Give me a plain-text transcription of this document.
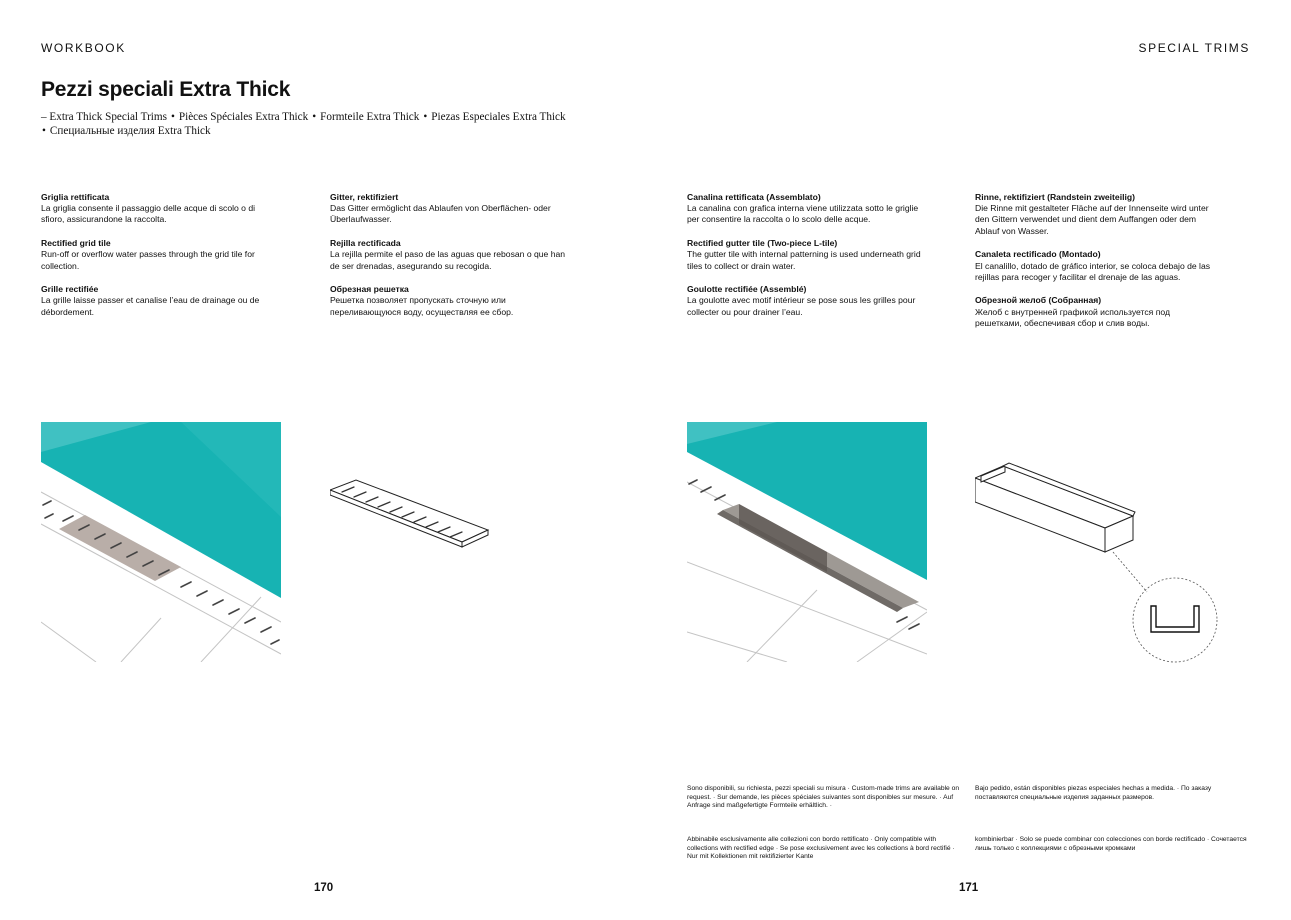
WORKBOOK	SPECIAL TRIMS
Pezzi speciali Extra Thick
– Extra Thick Special Trims • Pièces Spéciales Extra Thick • Formteile Extra Thick • Piezas Especiales Extra Thick
• Специальные изделия Extra Thick
Griglia rettificata
La griglia consente il passaggio delle acque di scolo o di sfioro, assicurandone la raccolta.
Rectified grid tile
Run-off or overflow water passes through the grid tile for collection.
Grille rectifiée
La grille laisse passer et canalise l’eau de drainage ou de débordement.
Gitter, rektifiziert
Das Gitter ermöglicht das Ablaufen von Oberflächen- oder Überlaufwasser.
Rejilla rectificada
La rejilla permite el paso de las aguas que rebosan o que han de ser drenadas, asegurando su recogida.
Обрезная решетка
Решетка позволяет пропускать сточную или переливающуюся воду, осуществляя ее сбор.
Canalina rettificata (Assemblato)
La canalina con grafica interna viene utilizzata sotto le griglie per consentire la raccolta o lo scolo delle acque.
Rectified gutter tile (Two-piece L-tile)
The gutter tile with internal patterning is used underneath grid tiles to collect or drain water.
Goulotte rectifiée (Assemblé)
La goulotte avec motif intérieur se pose sous les grilles pour collecter ou pour drainer l’eau.
Rinne, rektifiziert (Randstein zweiteilig)
Die Rinne mit gestalteter Fläche auf der Innenseite wird unter den Gittern verwendet und dient dem Auffangen oder dem Ablauf von Wasser.
Canaleta rectificado (Montado)
El canalillo, dotado de gráfico interior, se coloca debajo de las rejillas para recoger y facilitar el drenaje de las aguas.
Обрезной желоб (Собранная)
Желоб с внутренней графикой используется под решетками, обеспечивая сбор и слив воды.
Sono disponibili, su richiesta, pezzi speciali su misura · Custom-made trims are available on request. · Sur demande, les pièces spéciales suivantes sont disponibles sur mesure. · Auf Anfrage sind maßgefertigte Formteile erhältlich. ·
Bajo pedido, están disponibles piezas especiales hechas a medida. · По заказу поставляются специальные изделия заданных размеров.
Abbinabile esclusivamente alle collezioni con bordo rettificato · Only compatible with collections with rectified edge · Se pose exclusivement avec les collections à bord rectifié · Nur mit Kollektionen mit rektifizierter Kante
kombinierbar · Solo se puede combinar con colecciones con borde rectificado · Сочетается лишь только с коллекциями с обрезными кромками
170	171
